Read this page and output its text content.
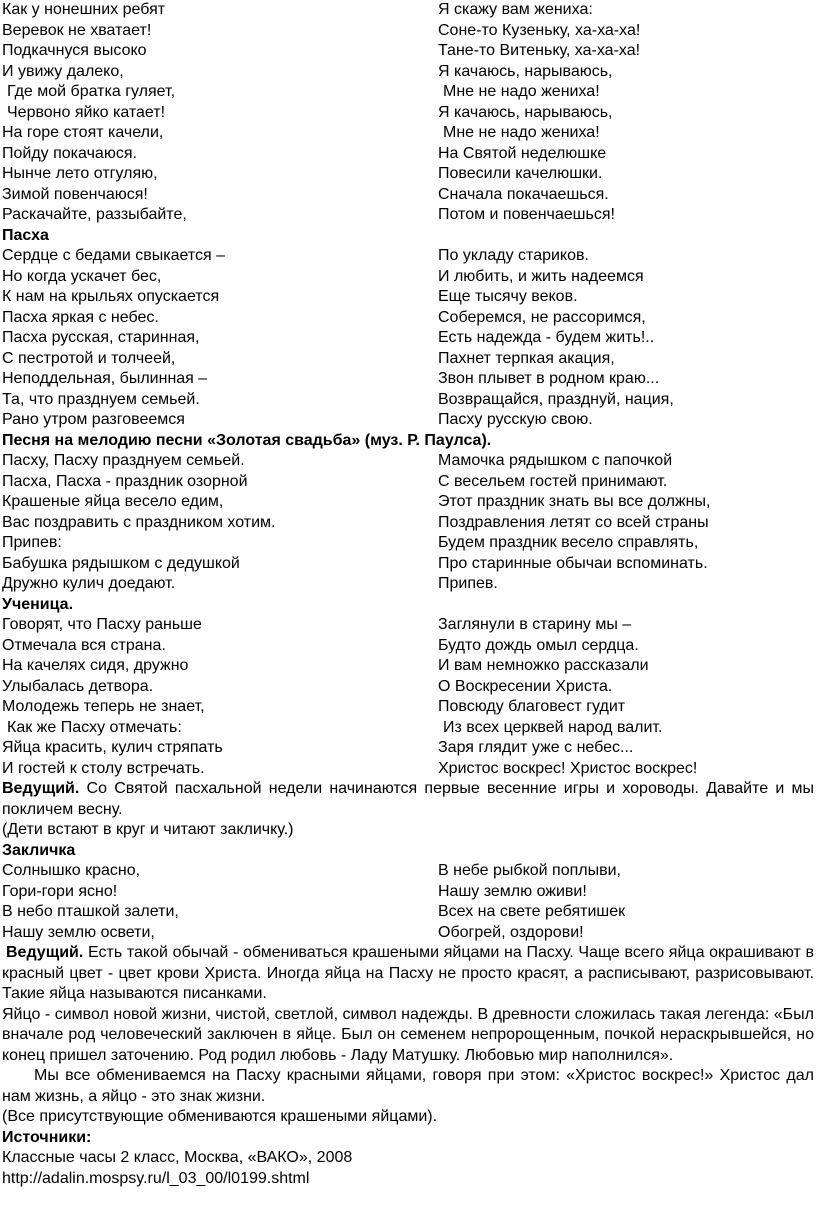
Как у нонешних ребят	Я скажу вам жениха:
Веревок не хватает!	Соне-то Кузеньку, ха-ха-ха!
Подкачнуся высоко	Тане-то Витеньку, ха-ха-ха!
И увижу далеко,	Я качаюсь, нарываюсь,
Где мой братка гуляет,	Мне не надо жениха!
Червоно яйко катает!	Я качаюсь, нарываюсь,
На горе стоят качели,	Мне не надо жениха!
Пойду покачаюся.	На Святой неделюшке
Нынче лето отгуляю,	Повесили качелюшки.
Зимой повенчаюся!	Сначала покачаешься.
Раскачайте, раззыбайте,	Потом и повенчаешься!
Пасха
Сердце с бедами свыкается –	По укладу стариков.
Но когда ускачет бес,	И любить, и жить надеемся
К нам на крыльях опускается	Еще тысячу веков.
Пасха яркая с небес.	Соберемся, не рассоримся,
Пасха русская, старинная,	Есть надежда - будем жить!..
С пестротой и толчеей,	Пахнет терпкая акация,
Неподдельная, былинная –	Звон плывет в родном краю...
Та, что празднуем семьей.	Возвращайся, празднуй, нация,
Рано утром разговеемся	Пасху русскую свою.
Песня на мелодию песни «Золотая свадьба» (муз. Р. Паулса).
Пасху, Пасху празднуем семьей.	Мамочка рядышком с папочкой
Пасха, Пасха - праздник озорной	С весельем гостей принимают.
Крашеные яйца весело едим,	Этот праздник знать вы все должны,
Вас поздравить с праздником хотим.	Поздравления летят со всей страны
Припев:	Будем праздник весело справлять,
Бабушка рядышком с дедушкой	Про старинные обычаи вспоминать.
Дружно кулич доедают.	Припев.
Ученица.
Говорят, что Пасху раньше	Заглянули в старину мы –
Отмечала вся страна.	Будто дождь омыл сердца.
На качелях сидя, дружно	И вам немножко рассказали
Улыбалась детвора.	О Воскресении Христа.
Молодежь теперь не знает,	Повсюду благовест гудит
Как же Пасху отмечать:	Из всех церквей народ валит.
Яйца красить, кулич стряпать	Заря глядит уже с небес...
И гостей к столу встречать.	Христос воскрес! Христос воскрес!
Ведущий. Со Святой пасхальной недели начинаются первые весенние игры и хороводы. Давайте и мы покличем весну.
(Дети встают в круг и читают закличку.)
Закличка
Солнышко красно,	В небе рыбкой поплыви,
Гори-гори ясно!	Нашу землю оживи!
В небо пташкой залети,	Всех на свете ребятишек
Нашу землю освети,	Обогрей, оздорови!
Ведущий. Есть такой обычай - обмениваться крашеными яйцами на Пасху. Чаще всего яйца окрашивают в красный цвет - цвет крови Христа. Иногда яйца на Пасху не просто красят, а расписывают, разрисовывают. Такие яйца называются писанками.
Яйцо - символ новой жизни, чистой, светлой, символ надежды. В древности сложилась такая легенда: «Был вначале род человеческий заключен в яйце. Был он семенем непророщенным, почкой нераскрывшейся, но конец пришел заточению. Род родил любовь - Ладу Матушку. Любовью мир наполнился».
Мы все обмениваемся на Пасху красными яйцами, говоря при этом: «Христос воскрес!» Христос дал нам жизнь, а яйцо - это знак жизни.
(Все присутствующие обмениваются крашеными яйцами).
Источники:
Классные часы 2 класс, Москва, «ВАКО», 2008
http://adalin.mospsy.ru/l_03_00/l0199.shtml
